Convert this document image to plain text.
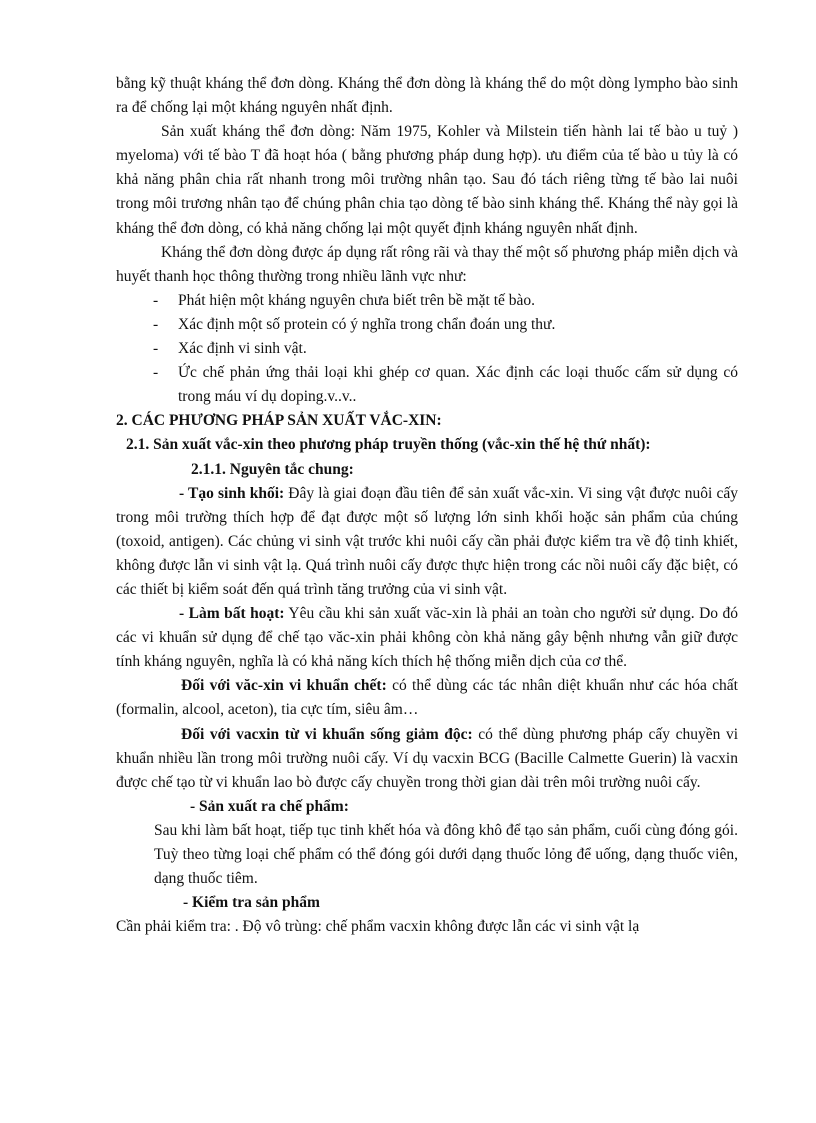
bằng kỹ thuật kháng thể đơn dòng. Kháng thể đơn dòng là kháng thể do một dòng lympho bào sinh ra để chống lại một kháng nguyên nhất định.

Sản xuất kháng thể đơn dòng: Năm 1975, Kohler và Milstein tiến hành lai tế bào u tuỷ ) myeloma) với tế bào T đã hoạt hóa ( bằng phương pháp dung hợp). ưu điểm của tế bào u tủy là có khả năng phân chia rất nhanh trong môi trường nhân tạo. Sau đó tách riêng từng tế bào lai nuôi trong môi trương nhân tạo để chúng phân chia tạo dòng tế bào sinh kháng thể. Kháng thể này gọi là kháng thể đơn dòng, có khả năng chống lại một quyết định kháng nguyên nhất định.

Kháng thể đơn dòng được áp dụng rất rông rãi và thay thế một số phương pháp miễn dịch và huyết thanh học thông thường trong nhiều lãnh vực như:

- Phát hiện một kháng nguyên chưa biết trên bề mặt tế bào.
- Xác định một số protein có ý nghĩa trong chẩn đoán ung thư.
- Xác định vi sinh vật.
- Ức chế phản ứng thải loại khi ghép cơ quan. Xác định các loại thuốc cấm sử dụng có trong máu ví dụ doping.v..v..

2. CÁC PHƯƠNG PHÁP SẢN XUẤT VẮC-XIN:

2.1. Sản xuất vắc-xin theo phương pháp truyền thống (vắc-xin thế hệ thứ nhất):

2.1.1. Nguyên tắc chung:

- Tạo sinh khối: Đây là giai đoạn đầu tiên để sản xuất vắc-xin. Vi sing vật được nuôi cấy trong môi trường thích hợp để đạt được một số lượng lớn sinh khối hoặc sản phẩm của chúng (toxoid, antigen). Các chủng vi sinh vật trước khi nuôi cấy cần phải được kiểm tra về độ tinh khiết, không được lẫn vi sinh vật lạ. Quá trình nuôi cấy được thực hiện trong các nồi nuôi cấy đặc biệt, có các thiết bị kiểm soát đến quá trình tăng trưởng của vi sinh vật.

- Làm bất hoạt: Yêu cầu khi sản xuất văc-xin là phải an toàn cho người sử dụng. Do đó các vi khuẩn sử dụng để chế tạo văc-xin phải không còn khả năng gây bệnh nhưng vẫn giữ được tính kháng nguyên, nghĩa là có khả năng kích thích hệ thống miễn dịch của cơ thể.

Đối với văc-xin vi khuẩn chết: có thể dùng các tác nhân diệt khuẩn như các hóa chất (formalin, alcool, aceton), tia cực tím, siêu âm…

Đối với vacxin từ vi khuẩn sống giảm độc: có thể dùng phương pháp cấy chuyền vi khuẩn nhiều lần trong môi trường nuôi cấy. Ví dụ vacxin BCG (Bacille Calmette Guerin) là vacxin được chế tạo từ vi khuẩn lao bò được cấy chuyền trong thời gian dài trên môi trường nuôi cấy.

- Sản xuất ra chế phẩm:

Sau khi làm bất hoạt, tiếp tục tinh khết hóa và đông khô để tạo sản phẩm, cuối cùng đóng gói. Tuỳ theo từng loại chế phẩm có thể đóng gói dưới dạng thuốc lỏng để uống, dạng thuốc viên, dạng thuốc tiêm.

- Kiểm tra sản phẩm

Cần phải kiểm tra: . Độ vô trùng: chế phẩm vacxin không được lẫn các vi sinh vật lạ
